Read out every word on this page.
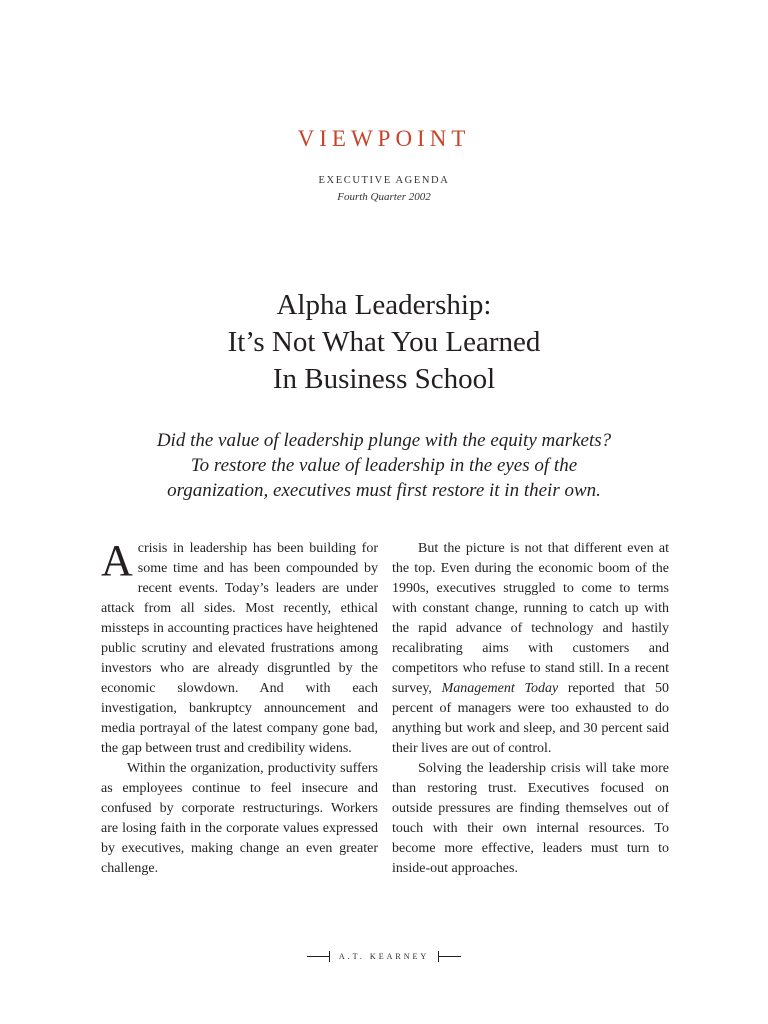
VIEWPOINT
EXECUTIVE AGENDA
Fourth Quarter 2002
Alpha Leadership:
It’s Not What You Learned
In Business School
Did the value of leadership plunge with the equity markets?
To restore the value of leadership in the eyes of the
organization, executives must first restore it in their own.

A crisis in leadership has been building for some time and has been compounded by recent events. Today’s leaders are under attack from all sides. Most recently, ethical missteps in accounting practices have heightened public scrutiny and elevated frustrations among investors who are already disgruntled by the economic slowdown. And with each investigation, bankruptcy announcement and media portrayal of the latest company gone bad, the gap between trust and credibility widens.

Within the organization, productivity suffers as employees continue to feel insecure and confused by corporate restructurings. Workers are losing faith in the corporate values expressed by executives, making change an even greater challenge.

But the picture is not that different even at the top. Even during the economic boom of the 1990s, executives struggled to come to terms with constant change, running to catch up with the rapid advance of technology and hastily recalibrating aims with customers and competitors who refuse to stand still. In a recent survey, Management Today reported that 50 percent of managers were too exhausted to do anything but work and sleep, and 30 percent said their lives are out of control.

Solving the leadership crisis will take more than restoring trust. Executives focused on outside pressures are finding themselves out of touch with their own internal resources. To become more effective, leaders must turn to inside-out approaches.

A.T. KEARNEY
